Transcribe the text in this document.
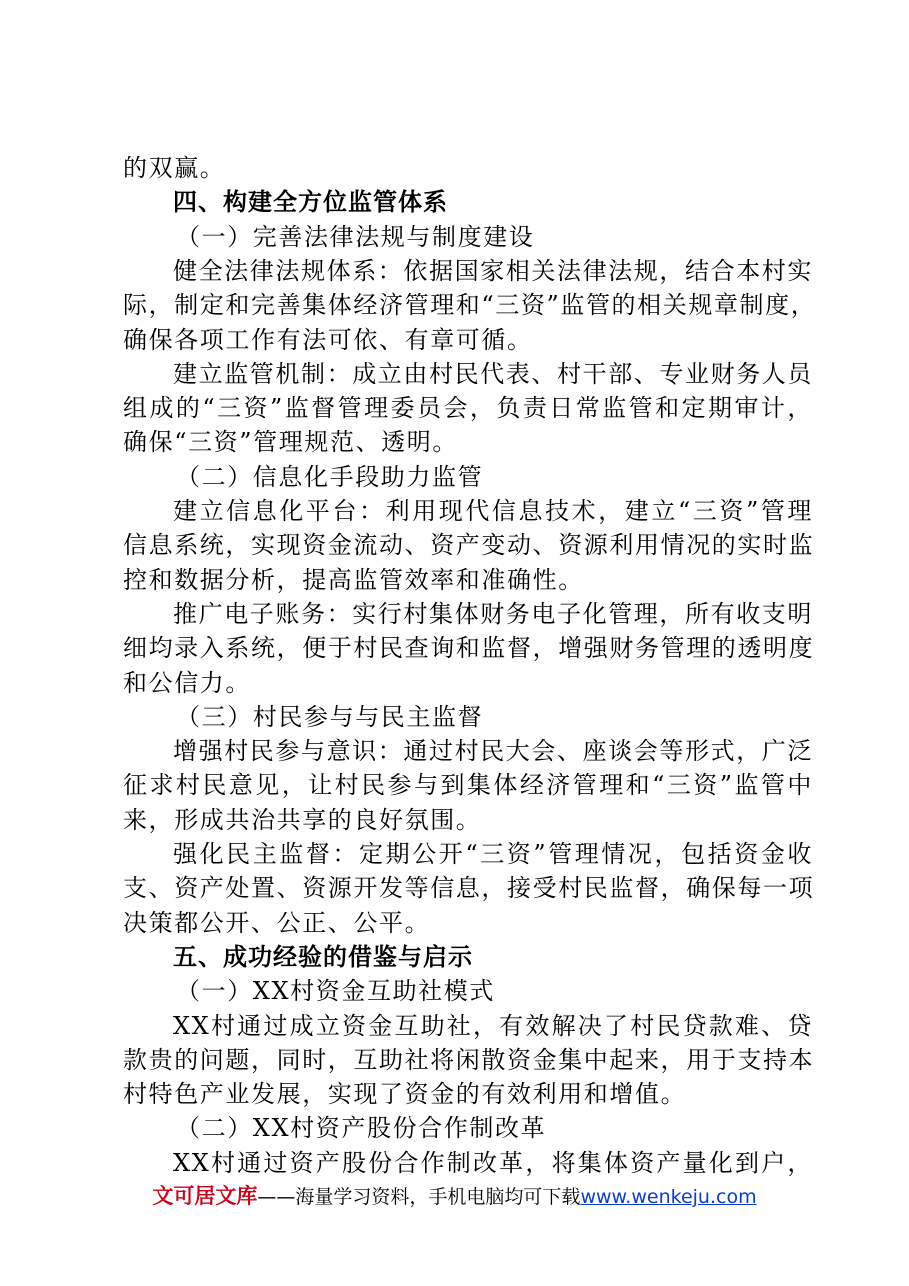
的双赢。
四、构建全方位监管体系
（一）完善法律法规与制度建设
健全法律法规体系：依据国家相关法律法规，结合本村实
际，制定和完善集体经济管理和“三资”监管的相关规章制度，
确保各项工作有法可依、有章可循。
建立监管机制：成立由村民代表、村干部、专业财务人员
组成的“三资”监督管理委员会，负责日常监管和定期审计，
确保“三资”管理规范、透明。
（二）信息化手段助力监管
建立信息化平台：利用现代信息技术，建立“三资”管理
信息系统，实现资金流动、资产变动、资源利用情况的实时监
控和数据分析，提高监管效率和准确性。
推广电子账务：实行村集体财务电子化管理，所有收支明
细均录入系统，便于村民查询和监督，增强财务管理的透明度
和公信力。
（三）村民参与与民主监督
增强村民参与意识：通过村民大会、座谈会等形式，广泛
征求村民意见，让村民参与到集体经济管理和“三资”监管中
来，形成共治共享的良好氛围。
强化民主监督：定期公开“三资”管理情况，包括资金收
支、资产处置、资源开发等信息，接受村民监督，确保每一项
决策都公开、公正、公平。
五、成功经验的借鉴与启示
（一）XX村资金互助社模式
XX村通过成立资金互助社，有效解决了村民贷款难、贷
款贵的问题，同时，互助社将闲散资金集中起来，用于支持本
村特色产业发展，实现了资金的有效利用和增值。
（二）XX村资产股份合作制改革
XX村通过资产股份合作制改革，将集体资产量化到户，
文可居文库——海量学习资料，手机电脑均可下载www.wenkeju.com
